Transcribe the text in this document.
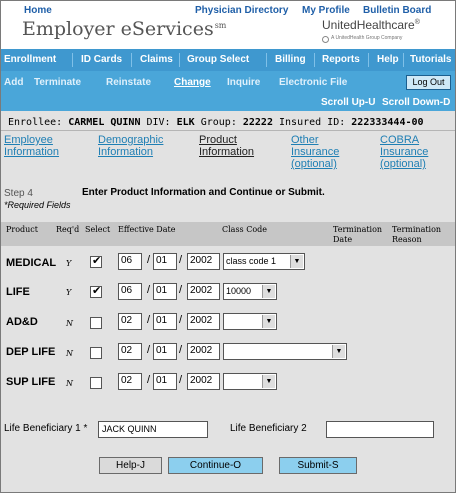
Home	Physician Directory My Profile Bulletin Board
Employer eServices$^{sm}$	UnitedHealthcare®
A UnitedHealth Group Company
Enrollment ID Cards Claims Group Select	Billing Reports Help Tutorials
Add Terminate Reinstate Change Inquire Electronic File	Log Out
Scroll Up-U Scroll Down-D
Enrollee: CARMEL QUINN DIV: ELK Group: 22222 Insured ID: 222333444-00
Employee
Information
Demographic
Information
Product
Information
Other
Insurance
(optional)
COBRA
Insurance
(optional)
Step 4	Enter Product Information and Continue or Submit.
*Required Fields
Product Req'd Select Effective Date	Class Code	Termination
Date
Termination
Reason
MEDICAL Y ✔	06	/ 01	/ 2002	class code 1	▼
LIFE	Y ✔	06	/ 01	/ 2002	10000	▼
AD&D	N	02	/ 01	/ 2002	▼
DEP LIFE N	02	/ 01	/ 2002	▼
SUP LIFE N	02	/ 01	/ 2002	▼
Life Beneficiary 1 *	JACK QUINN	Life Beneficiary 2
Help-J	Continue-O	Submit-S
